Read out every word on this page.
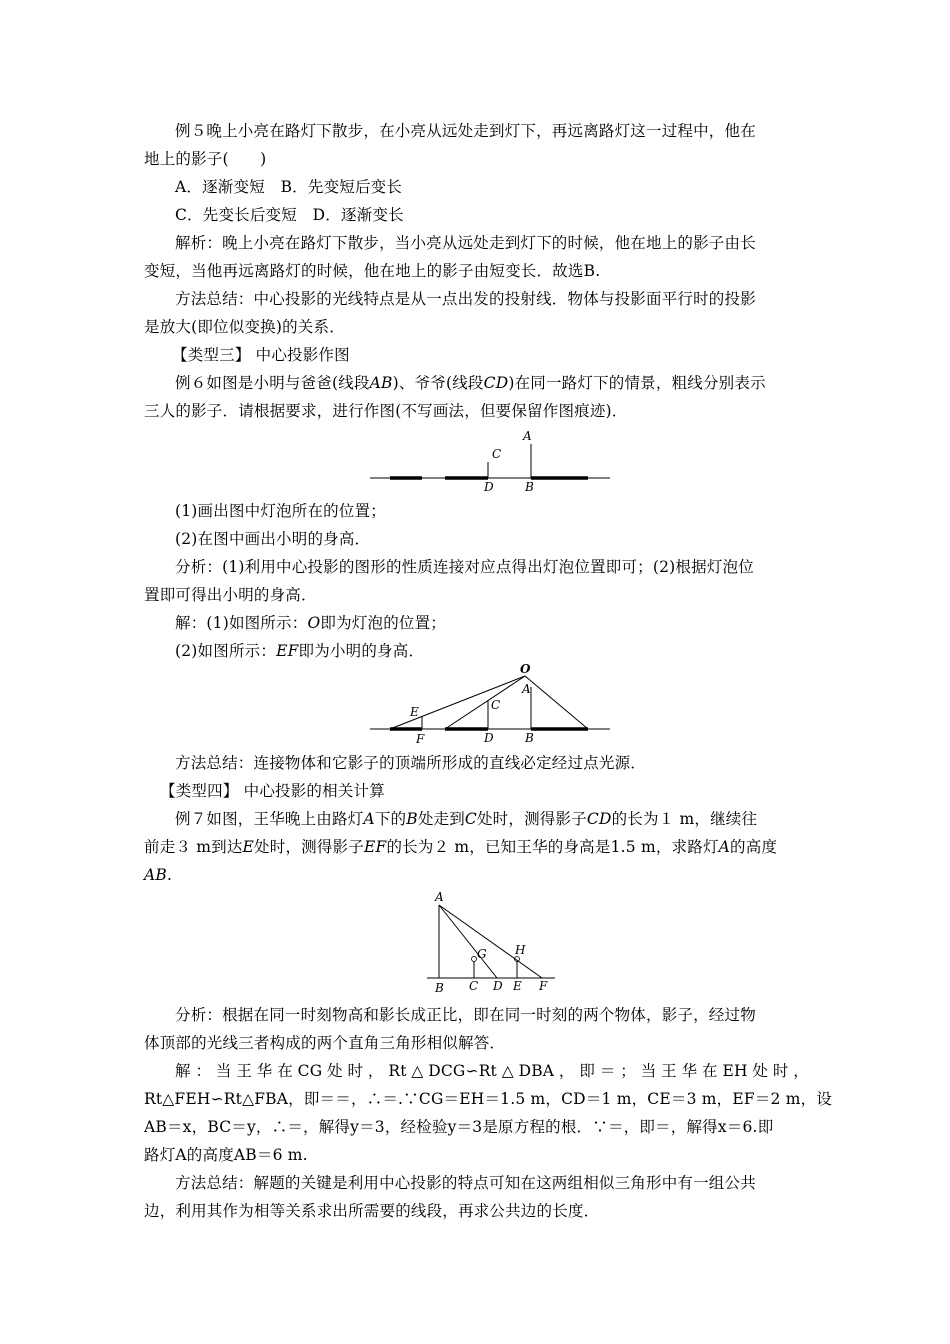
例５晚上小亮在路灯下散步，在小亮从远处走到灯下，再远离路灯这一过程中，他在
地上的影子(　　)
A．逐渐变短　B．先变短后变长
C．先变长后变短　D．逐渐变长
解析：晚上小亮在路灯下散步，当小亮从远处走到灯下的时候，他在地上的影子由长
变短，当他再远离路灯的时候，他在地上的影子由短变长．故选B.
方法总结：中心投影的光线特点是从一点出发的投射线．物体与投影面平行时的投影
是放大(即位似变换)的关系．
【类型三】 中心投影作图
例６如图是小明与爸爸(线段AB)、爷爷(线段CD)在同一路灯下的情景，粗线分别表示
三人的影子．请根据要求，进行作图(不写画法，但要保留作图痕迹)．
A
C
D	B
(1)画出图中灯泡所在的位置；
(2)在图中画出小明的身高．
分析：(1)利用中心投影的图形的性质连接对应点得出灯泡位置即可；(2)根据灯泡位
置即可得出小明的身高．
解：(1)如图所示：O即为灯泡的位置；
(2)如图所示：EF即为小明的身高．
O
A
C
E
F	D	B
方法总结：连接物体和它影子的顶端所形成的直线必定经过点光源．
【类型四】 中心投影的相关计算
例７如图，王华晚上由路灯A下的B处走到C处时，测得影子CD的长为１ m，继续往
前走３ m到达E处时，测得影子EF的长为２ m，已知王华的身高是1.5 m，求路灯A的高度
AB.
A
G H
B C D E F
分析：根据在同一时刻物高和影长成正比，即在同一时刻的两个物体，影子，经过物
体顶部的光线三者构成的两个直角三角形相似解答．
解：当王华在CG处时，Rt△DCG∽Rt△DBA，即＝；当王华在EH处时，
Rt△FEH∽Rt△FBA，即＝＝，∴＝.∵CG＝EH＝1.5 m，CD＝1 m，CE＝3 m，EF＝2 m，设
AB＝x，BC＝y，∴＝，解得y＝3，经检验y＝3是原方程的根．∵＝，即＝，解得x＝6.即
路灯A的高度AB＝6 m.
方法总结：解题的关键是利用中心投影的特点可知在这两组相似三角形中有一组公共
边，利用其作为相等关系求出所需要的线段，再求公共边的长度．
